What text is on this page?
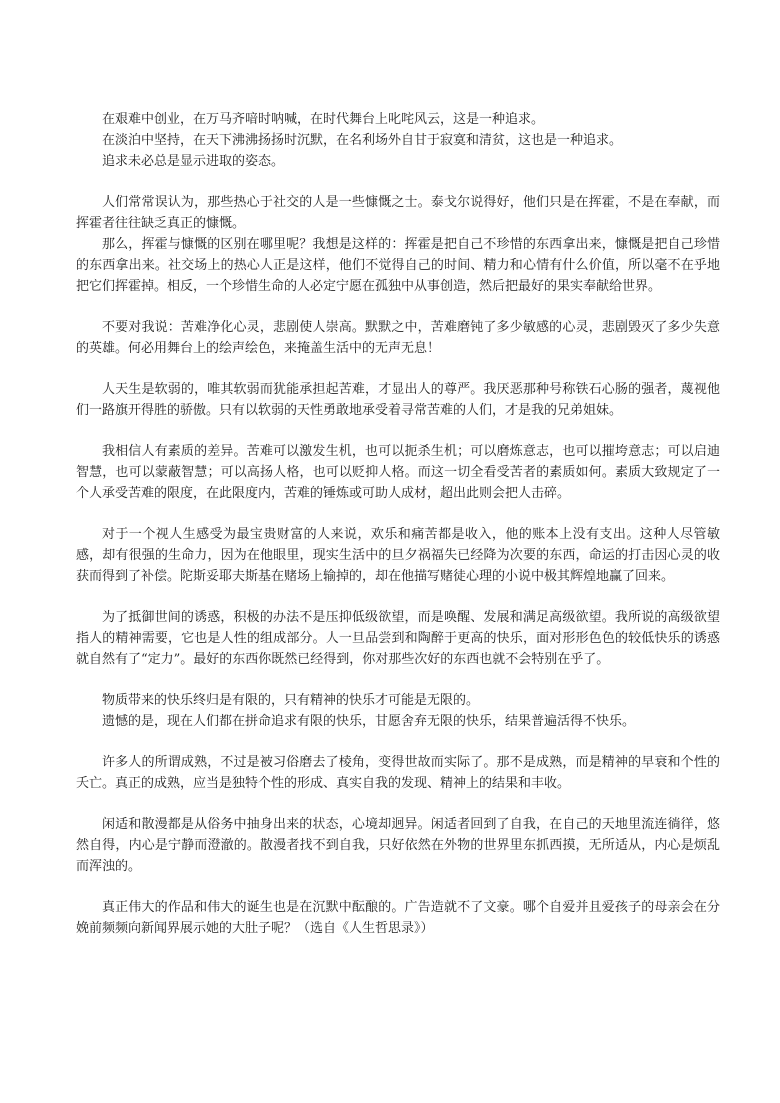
在艰难中创业，在万马齐喑时呐喊，在时代舞台上叱咤风云，这是一种追求。

在淡泊中坚持，在天下沸沸扬扬时沉默，在名利场外自甘于寂寞和清贫，这也是一种追求。

追求未必总是显示进取的姿态。

人们常常误认为，那些热心于社交的人是一些慷慨之士。泰戈尔说得好，他们只是在挥霍，不是在奉献，而挥霍者往往缺乏真正的慷慨。

那么，挥霍与慷慨的区别在哪里呢？我想是这样的：挥霍是把自己不珍惜的东西拿出来，慷慨是把自己珍惜的东西拿出来。社交场上的热心人正是这样，他们不觉得自己的时间、精力和心情有什么价值，所以毫不在乎地把它们挥霍掉。相反，一个珍惜生命的人必定宁愿在孤独中从事创造，然后把最好的果实奉献给世界。

不要对我说：苦难净化心灵，悲剧使人崇高。默默之中，苦难磨钝了多少敏感的心灵，悲剧毁灭了多少失意的英雄。何必用舞台上的绘声绘色，来掩盖生活中的无声无息！

人天生是软弱的，唯其软弱而犹能承担起苦难，才显出人的尊严。我厌恶那种号称铁石心肠的强者，蔑视他们一路旗开得胜的骄傲。只有以软弱的天性勇敢地承受着寻常苦难的人们，才是我的兄弟姐妹。

我相信人有素质的差异。苦难可以激发生机，也可以扼杀生机；可以磨炼意志，也可以摧垮意志；可以启迪智慧，也可以蒙蔽智慧；可以高扬人格，也可以贬抑人格。而这一切全看受苦者的素质如何。素质大致规定了一个人承受苦难的限度，在此限度内，苦难的锤炼或可助人成材，超出此则会把人击碎。

对于一个视人生感受为最宝贵财富的人来说，欢乐和痛苦都是收入，他的账本上没有支出。这种人尽管敏感，却有很强的生命力，因为在他眼里，现实生活中的旦夕祸福失已经降为次要的东西，命运的打击因心灵的收获而得到了补偿。陀斯妥耶夫斯基在赌场上输掉的，却在他描写赌徒心理的小说中极其辉煌地赢了回来。

为了抵御世间的诱惑，积极的办法不是压抑低级欲望，而是唤醒、发展和满足高级欲望。我所说的高级欲望指人的精神需要，它也是人性的组成部分。人一旦品尝到和陶醉于更高的快乐，面对形形色色的较低快乐的诱惑就自然有了“定力”。最好的东西你既然已经得到，你对那些次好的东西也就不会特别在乎了。

物质带来的快乐终归是有限的，只有精神的快乐才可能是无限的。

遗憾的是，现在人们都在拼命追求有限的快乐，甘愿舍弃无限的快乐，结果普遍活得不快乐。

许多人的所谓成熟，不过是被习俗磨去了棱角，变得世故而实际了。那不是成熟，而是精神的早衰和个性的夭亡。真正的成熟，应当是独特个性的形成、真实自我的发现、精神上的结果和丰收。

闲适和散漫都是从俗务中抽身出来的状态，心境却迥异。闲适者回到了自我，在自己的天地里流连徜徉，悠然自得，内心是宁静而澄澈的。散漫者找不到自我，只好依然在外物的世界里东抓西摸，无所适从，内心是烦乱而浑浊的。

真正伟大的作品和伟大的诞生也是在沉默中酝酿的。广告造就不了文豪。哪个自爱并且爱孩子的母亲会在分娩前频频向新闻界展示她的大肚子呢？（选自《人生哲思录》）
